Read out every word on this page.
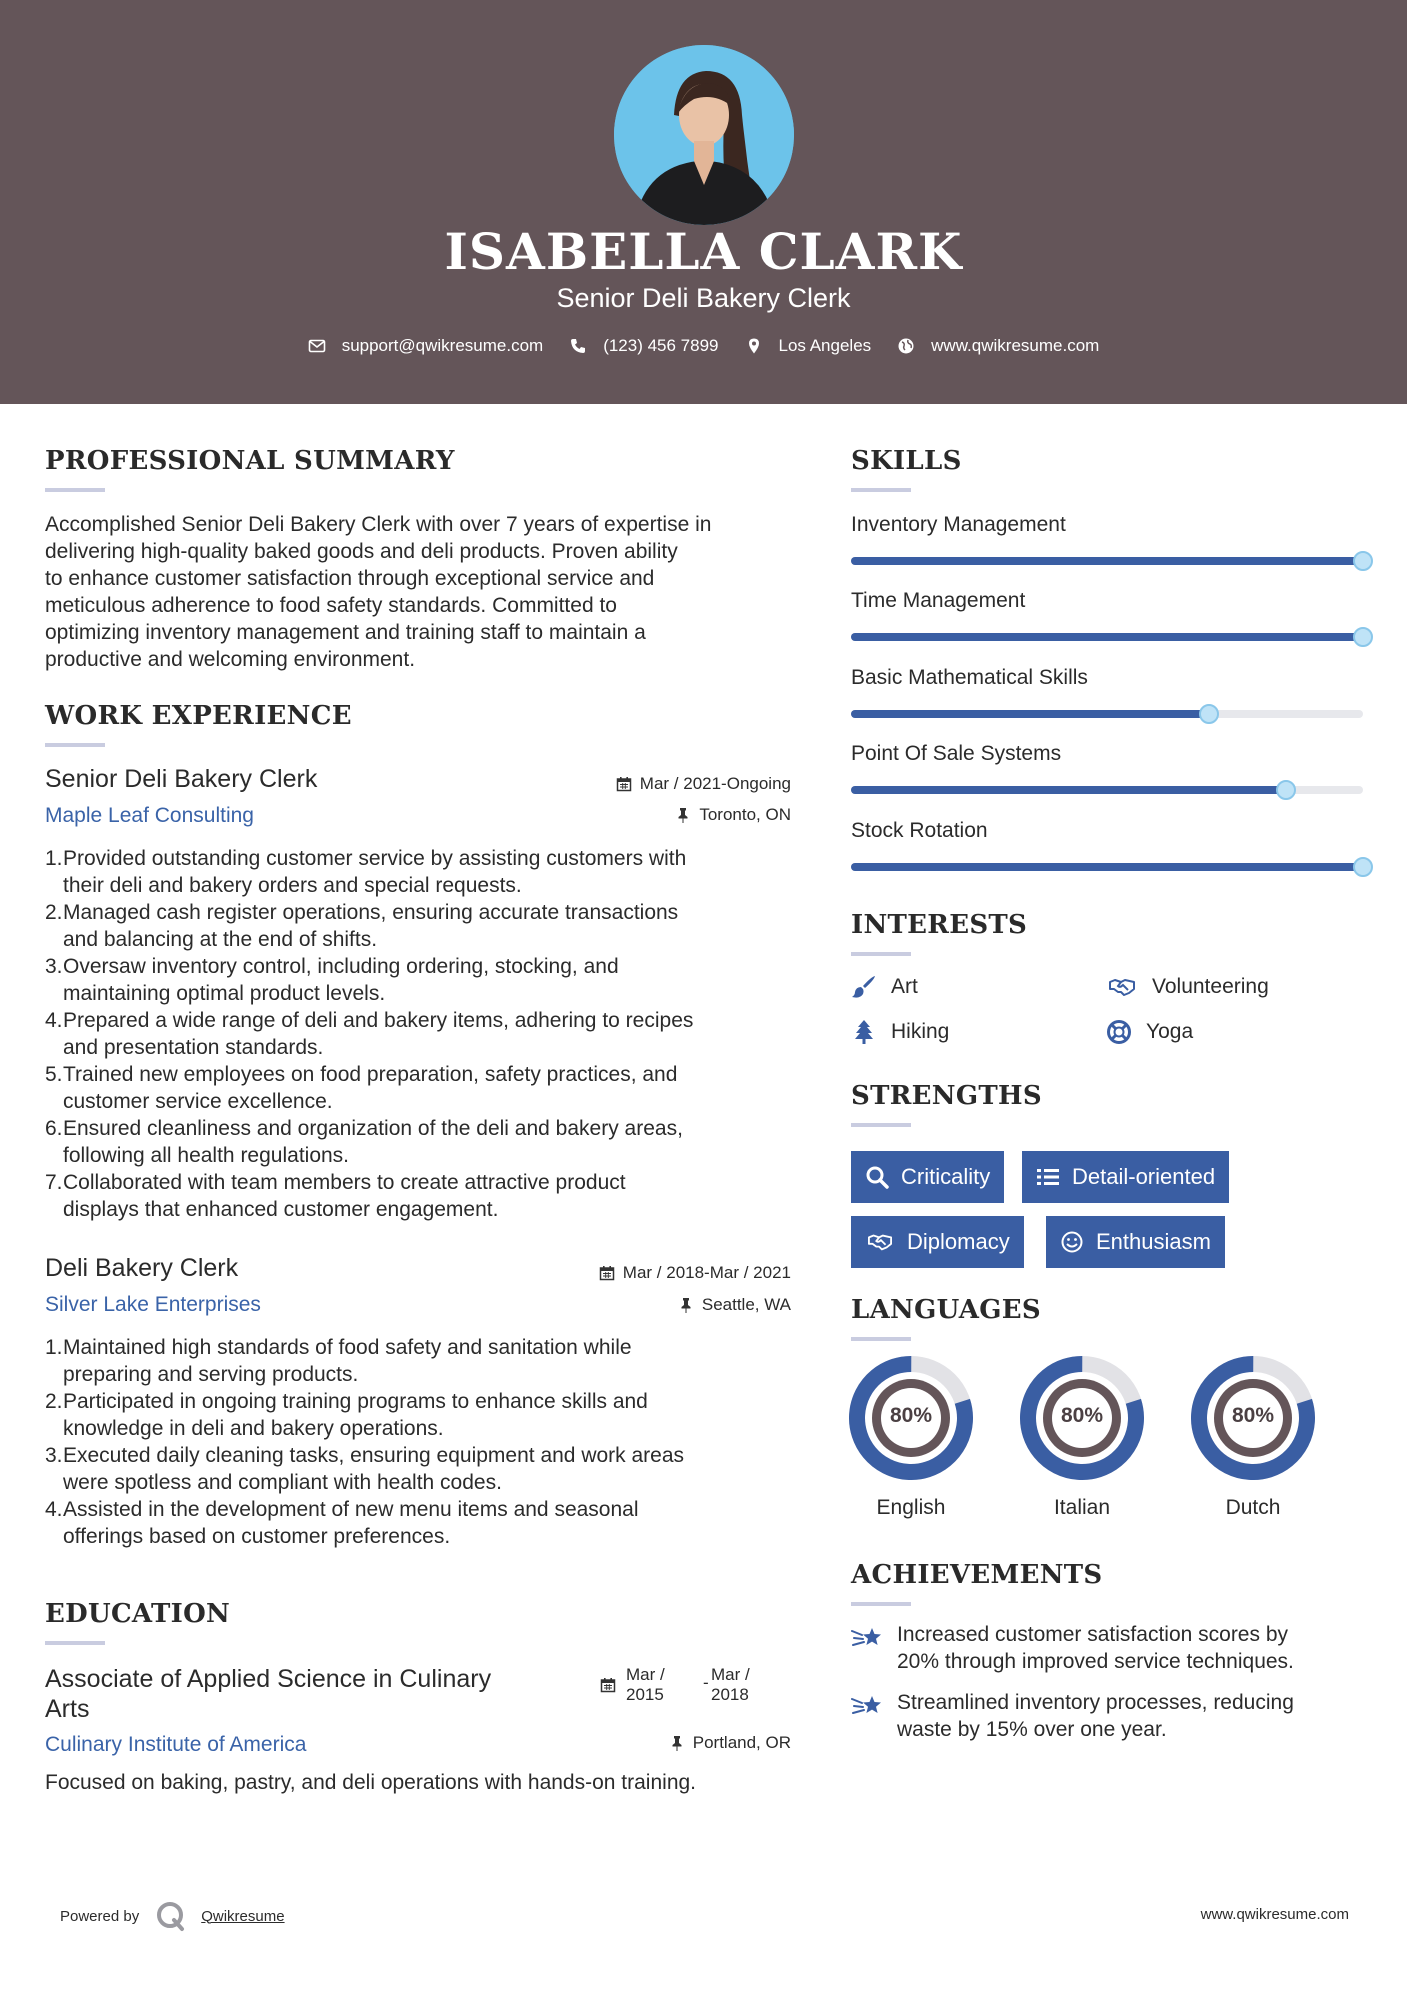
ISABELLA CLARK
Senior Deli Bakery Clerk
support@qwikresume.com	(123) 456 7899	Los Angeles	www.qwikresume.com
PROFESSIONAL SUMMARY
Accomplished Senior Deli Bakery Clerk with over 7 years of expertise in
delivering high-quality baked goods and deli products. Proven ability
to enhance customer satisfaction through exceptional service and
meticulous adherence to food safety standards. Committed to
optimizing inventory management and training staff to maintain a
productive and welcoming environment.
WORK EXPERIENCE
Senior Deli Bakery Clerk
Maple Leaf Consulting
Mar / 2021-Ongoing
Toronto, ON
1. Provided outstanding customer service by assisting customers with
their deli and bakery orders and special requests.
2. Managed cash register operations, ensuring accurate transactions
and balancing at the end of shifts.
3. Oversaw inventory control, including ordering, stocking, and
maintaining optimal product levels.
4. Prepared a wide range of deli and bakery items, adhering to recipes
and presentation standards.
5. Trained new employees on food preparation, safety practices, and
customer service excellence.
6. Ensured cleanliness and organization of the deli and bakery areas,
following all health regulations.
7. Collaborated with team members to create attractive product
displays that enhanced customer engagement.
Deli Bakery Clerk
Silver Lake Enterprises
Mar / 2018-Mar / 2021
Seattle, WA
1. Maintained high standards of food safety and sanitation while
preparing and serving products.
2. Participated in ongoing training programs to enhance skills and
knowledge in deli and bakery operations.
3. Executed daily cleaning tasks, ensuring equipment and work areas
were spotless and compliant with health codes.
4. Assisted in the development of new menu items and seasonal
offerings based on customer preferences.
EDUCATION
Associate of Applied Science in Culinary
Arts
Mar /
2015
- Mar /
2018
Culinary Institute of America	Portland, OR
Focused on baking, pastry, and deli operations with hands-on training.
SKILLS
Inventory Management
Time Management
Basic Mathematical Skills
Point Of Sale Systems
Stock Rotation
INTERESTS
Art	Volunteering
Hiking	Yoga
STRENGTHS
Criticality	Detail-oriented
Diplomacy	Enthusiasm
LANGUAGES
80%
English
80%
Italian
80%
Dutch
ACHIEVEMENTS
Increased customer satisfaction scores by
20% through improved service techniques.
Streamlined inventory processes, reducing
waste by 15% over one year.
Powered by	Qwikresume	www.qwikresume.com
